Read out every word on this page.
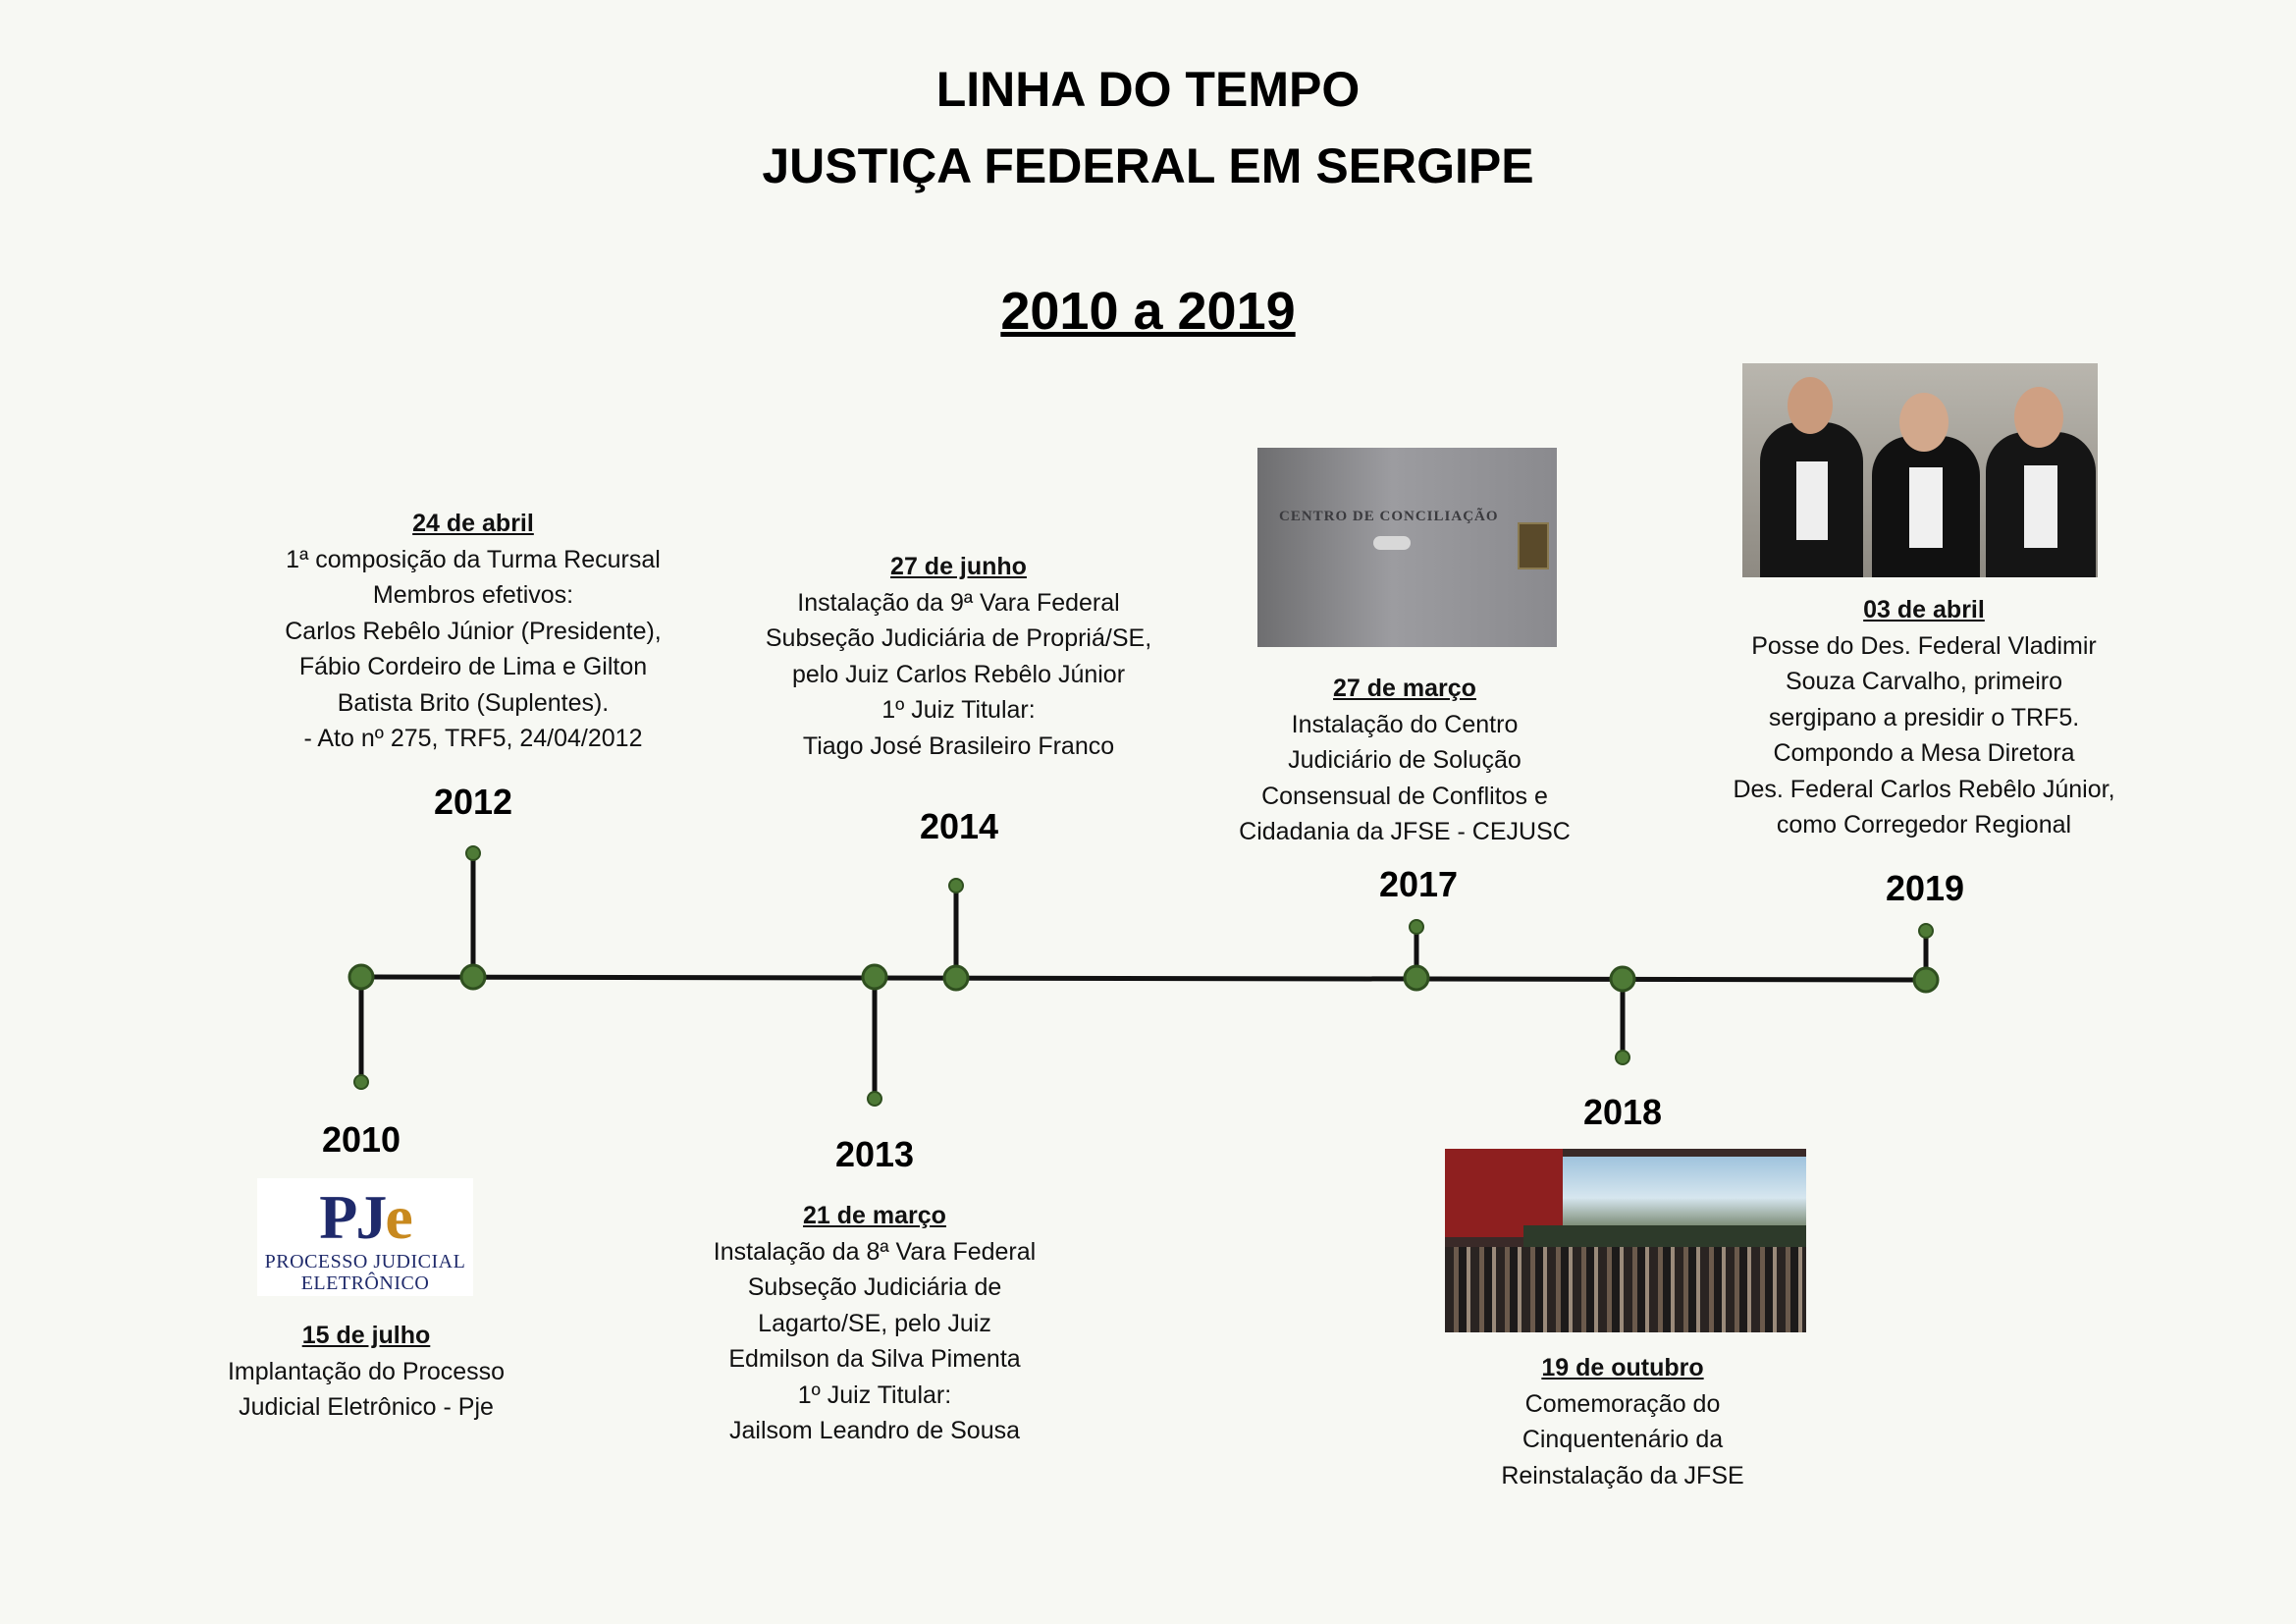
LINHA DO TEMPO
JUSTIÇA FEDERAL EM SERGIPE
2010 a 2019
2010
2012
2013
2014
2017
2018
2019
PJe
PROCESSO JUDICIAL
ELETRÔNICO
15 de julho
Implantação do Processo
Judicial Eletrônico - Pje
24 de abril
1ª composição da Turma Recursal
Membros efetivos:
Carlos Rebêlo Júnior (Presidente),
Fábio Cordeiro de Lima e Gilton
Batista Brito (Suplentes).
- Ato nº 275, TRF5, 24/04/2012
21 de março
Instalação da 8ª Vara Federal
Subseção Judiciária de
Lagarto/SE, pelo Juiz
Edmilson da Silva Pimenta
1º Juiz Titular:
Jailsom Leandro de Sousa
27 de junho
Instalação da 9ª Vara Federal
Subseção Judiciária de Propriá/SE,
pelo Juiz Carlos Rebêlo Júnior
1º Juiz Titular:
Tiago José Brasileiro Franco
CENTRO DE CONCILIAÇÃO
27 de março
Instalação do Centro
Judiciário de Solução
Consensual de Conflitos e
Cidadania da JFSE - CEJUSC
19 de outubro
Comemoração do
Cinquentenário da
Reinstalação da JFSE
03 de abril
Posse do Des. Federal Vladimir
Souza Carvalho, primeiro
sergipano a presidir o TRF5.
Compondo a Mesa Diretora
Des. Federal Carlos Rebêlo Júnior,
como Corregedor Regional
